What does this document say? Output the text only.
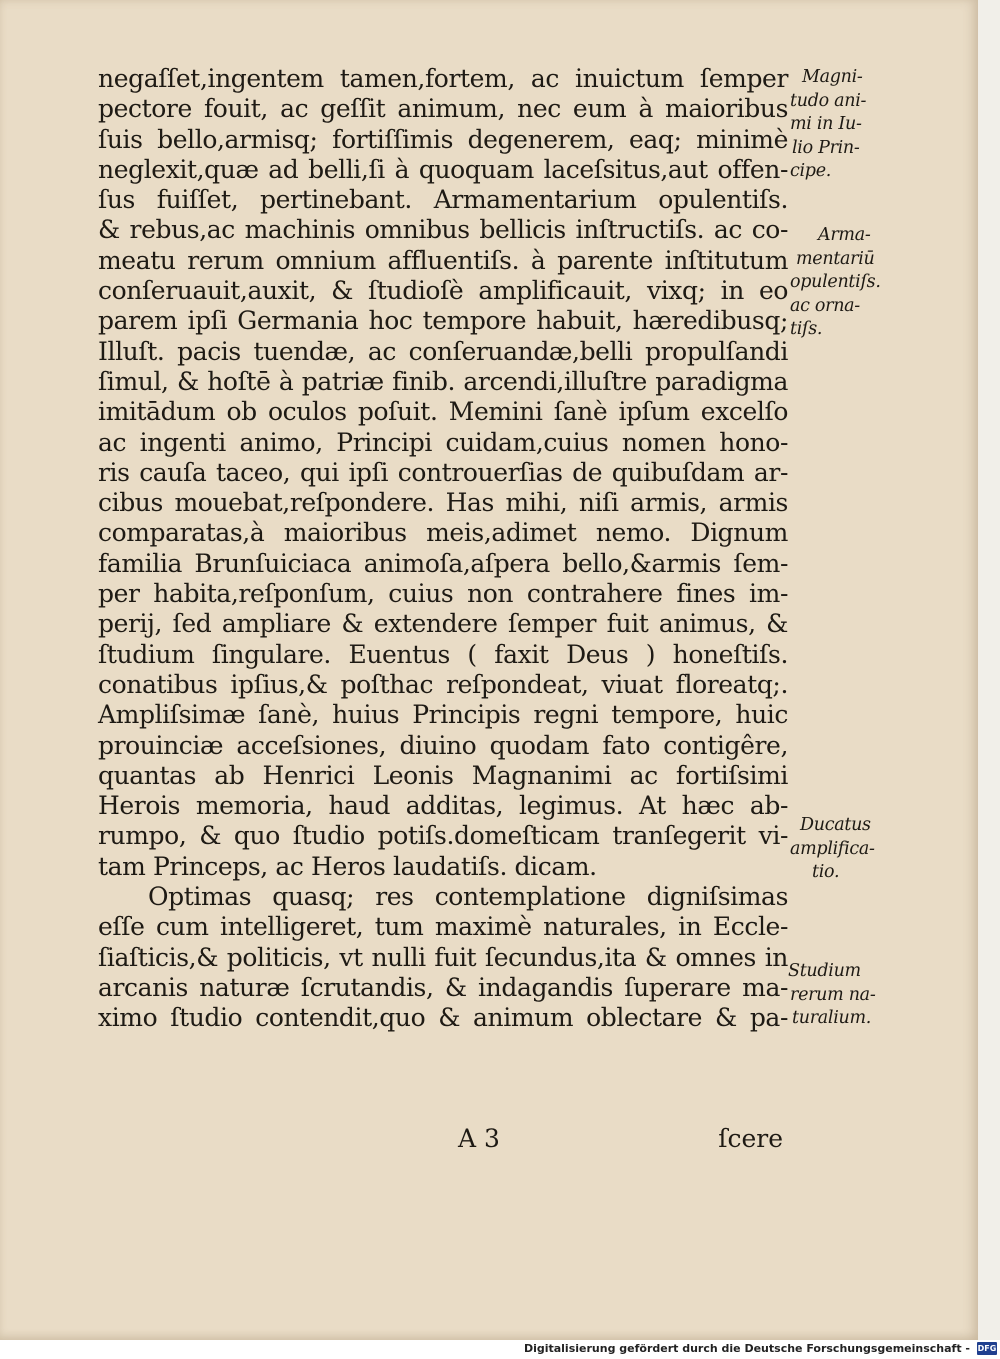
negaſſet,ingentem tamen,fortem, ac inuictum ſemper
pectore fouit, ac geſſit animum, nec eum à maioribus
ſuis bello,armisq; fortiſſimis degenerem, eaq; minimè
neglexit,quæ ad belli,ſi à quoquam laceſsitus,aut offen-
ſus fuiſſet, pertinebant. Armamentarium opulentiſs.
& rebus,ac machinis omnibus bellicis inſtructiſs. ac co-
meatu rerum omnium affluentiſs. à parente inſtitutum
conſeruauit,auxit, & ſtudioſè amplificauit, vixq; in eo
parem ipſi Germania hoc tempore habuit, hæredibusq;
Illuſt. pacis tuendæ, ac conſeruandæ,belli propulſandi
ſimul, & hoſtē à patriæ finib. arcendi,illuſtre paradigma
imitādum ob oculos poſuit. Memini ſanè ipſum excelſo
ac ingenti animo, Principi cuidam,cuius nomen hono-
ris cauſa taceo, qui ipſi controuerſias de quibuſdam ar-
cibus mouebat,reſpondere. Has mihi, niſi armis, armis
comparatas,à maioribus meis,adimet nemo. Dignum
familia Brunſuiciaca animoſa,aſpera bello,&armis ſem-
per habita,reſponſum, cuius non contrahere fines im-
perij, ſed ampliare & extendere ſemper fuit animus, &
ſtudium ſingulare. Euentus ( faxit Deus ) honeſtiſs.
conatibus ipſius,& poſthac reſpondeat, viuat floreatq;.
Ampliſsimæ ſanè, huius Principis regni tempore, huic
prouinciæ acceſsiones, diuino quodam fato contigêre,
quantas ab Henrici Leonis Magnanimi ac fortiſsimi
Herois memoria, haud additas, legimus. At hæc ab-
rumpo, & quo ſtudio potiſs.domeſticam tranſegerit vi-
tam Princeps, ac Heros laudatiſs. dicam.
Optimas quasq; res contemplatione digniſsimas
eſſe cum intelligeret, tum maximè naturales, in Eccle-
ſiaſticis,& politicis, vt nulli fuit ſecundus,ita & omnes in
arcanis naturæ ſcrutandis, & indagandis ſuperare ma-
ximo ſtudio contendit,quo & animum oblectare & pa-
Magni-
tudo ani-
mi in Iu-
lio Prin-
cipe.
Arma-
mentariū
opulentiſs.
ac orna-
tiſs.
Ducatus
amplifica-
tio.
Studium
rerum na-
turalium.
A 3	ſcere
Digitalisierung gefördert durch die Deutsche Forschungsgemeinschaft - DFG
